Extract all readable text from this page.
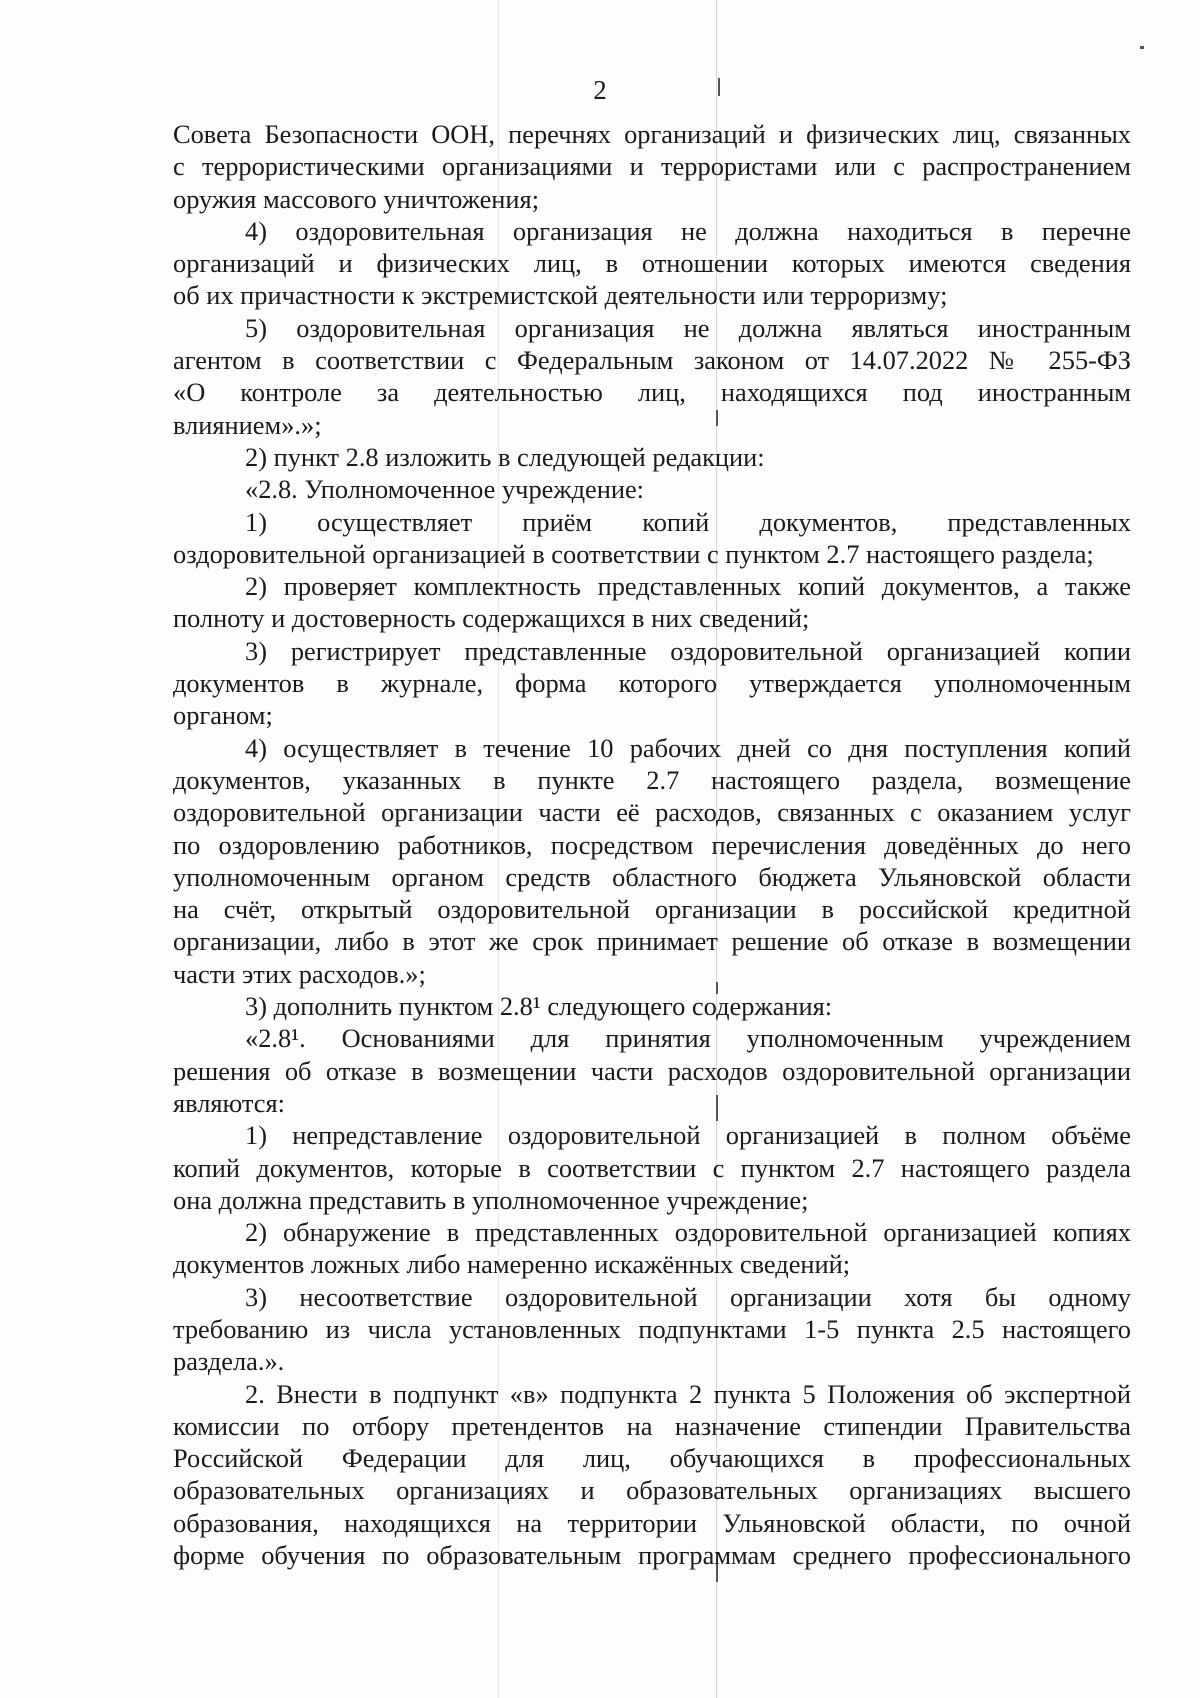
2
Совета Безопасности ООН, перечнях организаций и физических лиц, связанных
с террористическими организациями и террористами или с распространением
оружия массового уничтожения;
4) оздоровительная организация не должна находиться в перечне
организаций и физических лиц, в отношении которых имеются сведения
об их причастности к экстремистской деятельности или терроризму;
5) оздоровительная организация не должна являться иностранным
агентом в соответствии с Федеральным законом от 14.07.2022 № 255-ФЗ
«О контроле за деятельностью лиц, находящихся под иностранным
влиянием».»;
2) пункт 2.8 изложить в следующей редакции:
«2.8. Уполномоченное учреждение:
1) осуществляет приём копий документов, представленных
оздоровительной организацией в соответствии с пунктом 2.7 настоящего раздела;
2) проверяет комплектность представленных копий документов, а также
полноту и достоверность содержащихся в них сведений;
3) регистрирует представленные оздоровительной организацией копии
документов в журнале, форма которого утверждается уполномоченным
органом;
4) осуществляет в течение 10 рабочих дней со дня поступления копий
документов, указанных в пункте 2.7 настоящего раздела, возмещение
оздоровительной организации части её расходов, связанных с оказанием услуг
по оздоровлению работников, посредством перечисления доведённых до него
уполномоченным органом средств областного бюджета Ульяновской области
на счёт, открытый оздоровительной организации в российской кредитной
организации, либо в этот же срок принимает решение об отказе в возмещении
части этих расходов.»;
3) дополнить пунктом 2.8¹ следующего содержания:
«2.8¹. Основаниями для принятия уполномоченным учреждением
решения об отказе в возмещении части расходов оздоровительной организации
являются:
1) непредставление оздоровительной организацией в полном объёме
копий документов, которые в соответствии с пунктом 2.7 настоящего раздела
она должна представить в уполномоченное учреждение;
2) обнаружение в представленных оздоровительной организацией копиях
документов ложных либо намеренно искажённых сведений;
3) несоответствие оздоровительной организации хотя бы одному
требованию из числа установленных подпунктами 1-5 пункта 2.5 настоящего
раздела.».
2. Внести в подпункт «в» подпункта 2 пункта 5 Положения об экспертной
комиссии по отбору претендентов на назначение стипендии Правительства
Российской Федерации для лиц, обучающихся в профессиональных
образовательных организациях и образовательных организациях высшего
образования, находящихся на территории Ульяновской области, по очной
форме обучения по образовательным программам среднего профессионального
